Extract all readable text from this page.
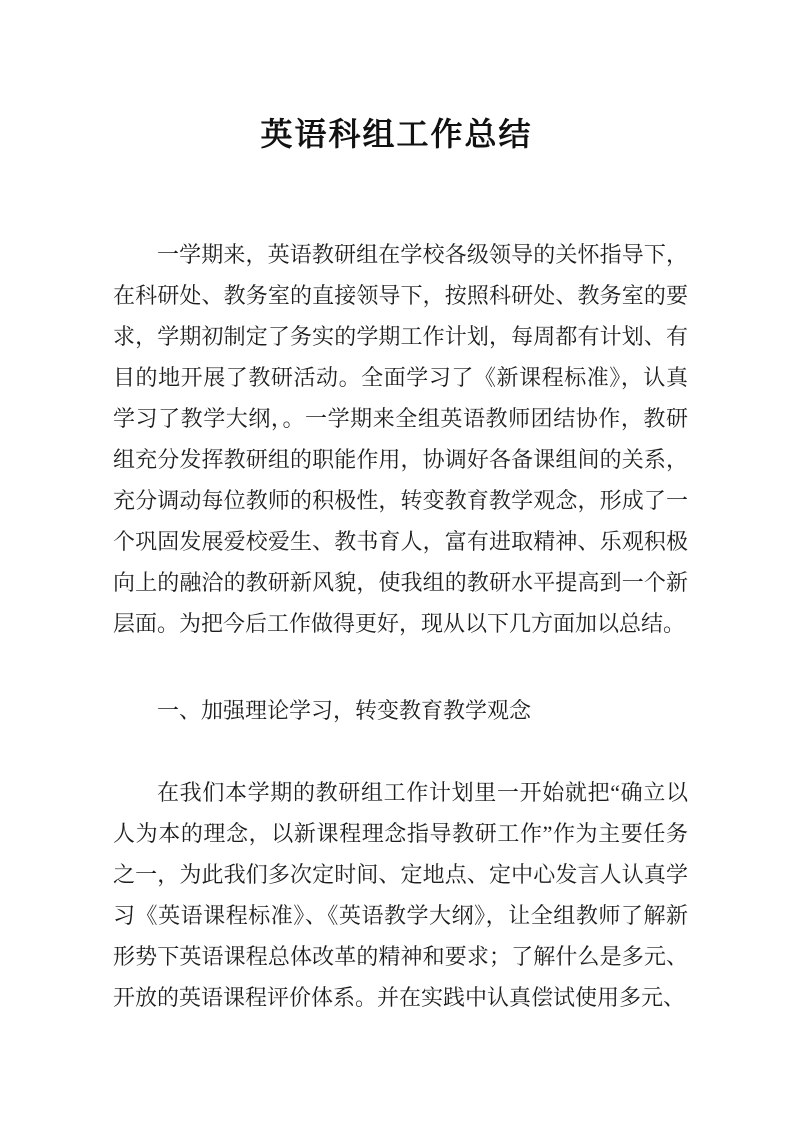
英语科组工作总结
一学期来，英语教研组在学校各级领导的关怀指导下，
在科研处、教务室的直接领导下，按照科研处、教务室的要
求，学期初制定了务实的学期工作计划，每周都有计划、有
目的地开展了教研活动。全面学习了《新课程标准》，认真
学习了教学大纲，。一学期来全组英语教师团结协作，教研
组充分发挥教研组的职能作用，协调好各备课组间的关系，
充分调动每位教师的积极性，转变教育教学观念，形成了一
个巩固发展爱校爱生、教书育人，富有进取精神、乐观积极
向上的融洽的教研新风貌，使我组的教研水平提高到一个新
层面。为把今后工作做得更好，现从以下几方面加以总结。
一、加强理论学习，转变教育教学观念
在我们本学期的教研组工作计划里一开始就把“确立以
人为本的理念，以新课程理念指导教研工作”作为主要任务
之一，为此我们多次定时间、定地点、定中心发言人认真学
习《英语课程标准》、《英语教学大纲》，让全组教师了解新
形势下英语课程总体改革的精神和要求；了解什么是多元、
开放的英语课程评价体系。并在实践中认真偿试使用多元、
